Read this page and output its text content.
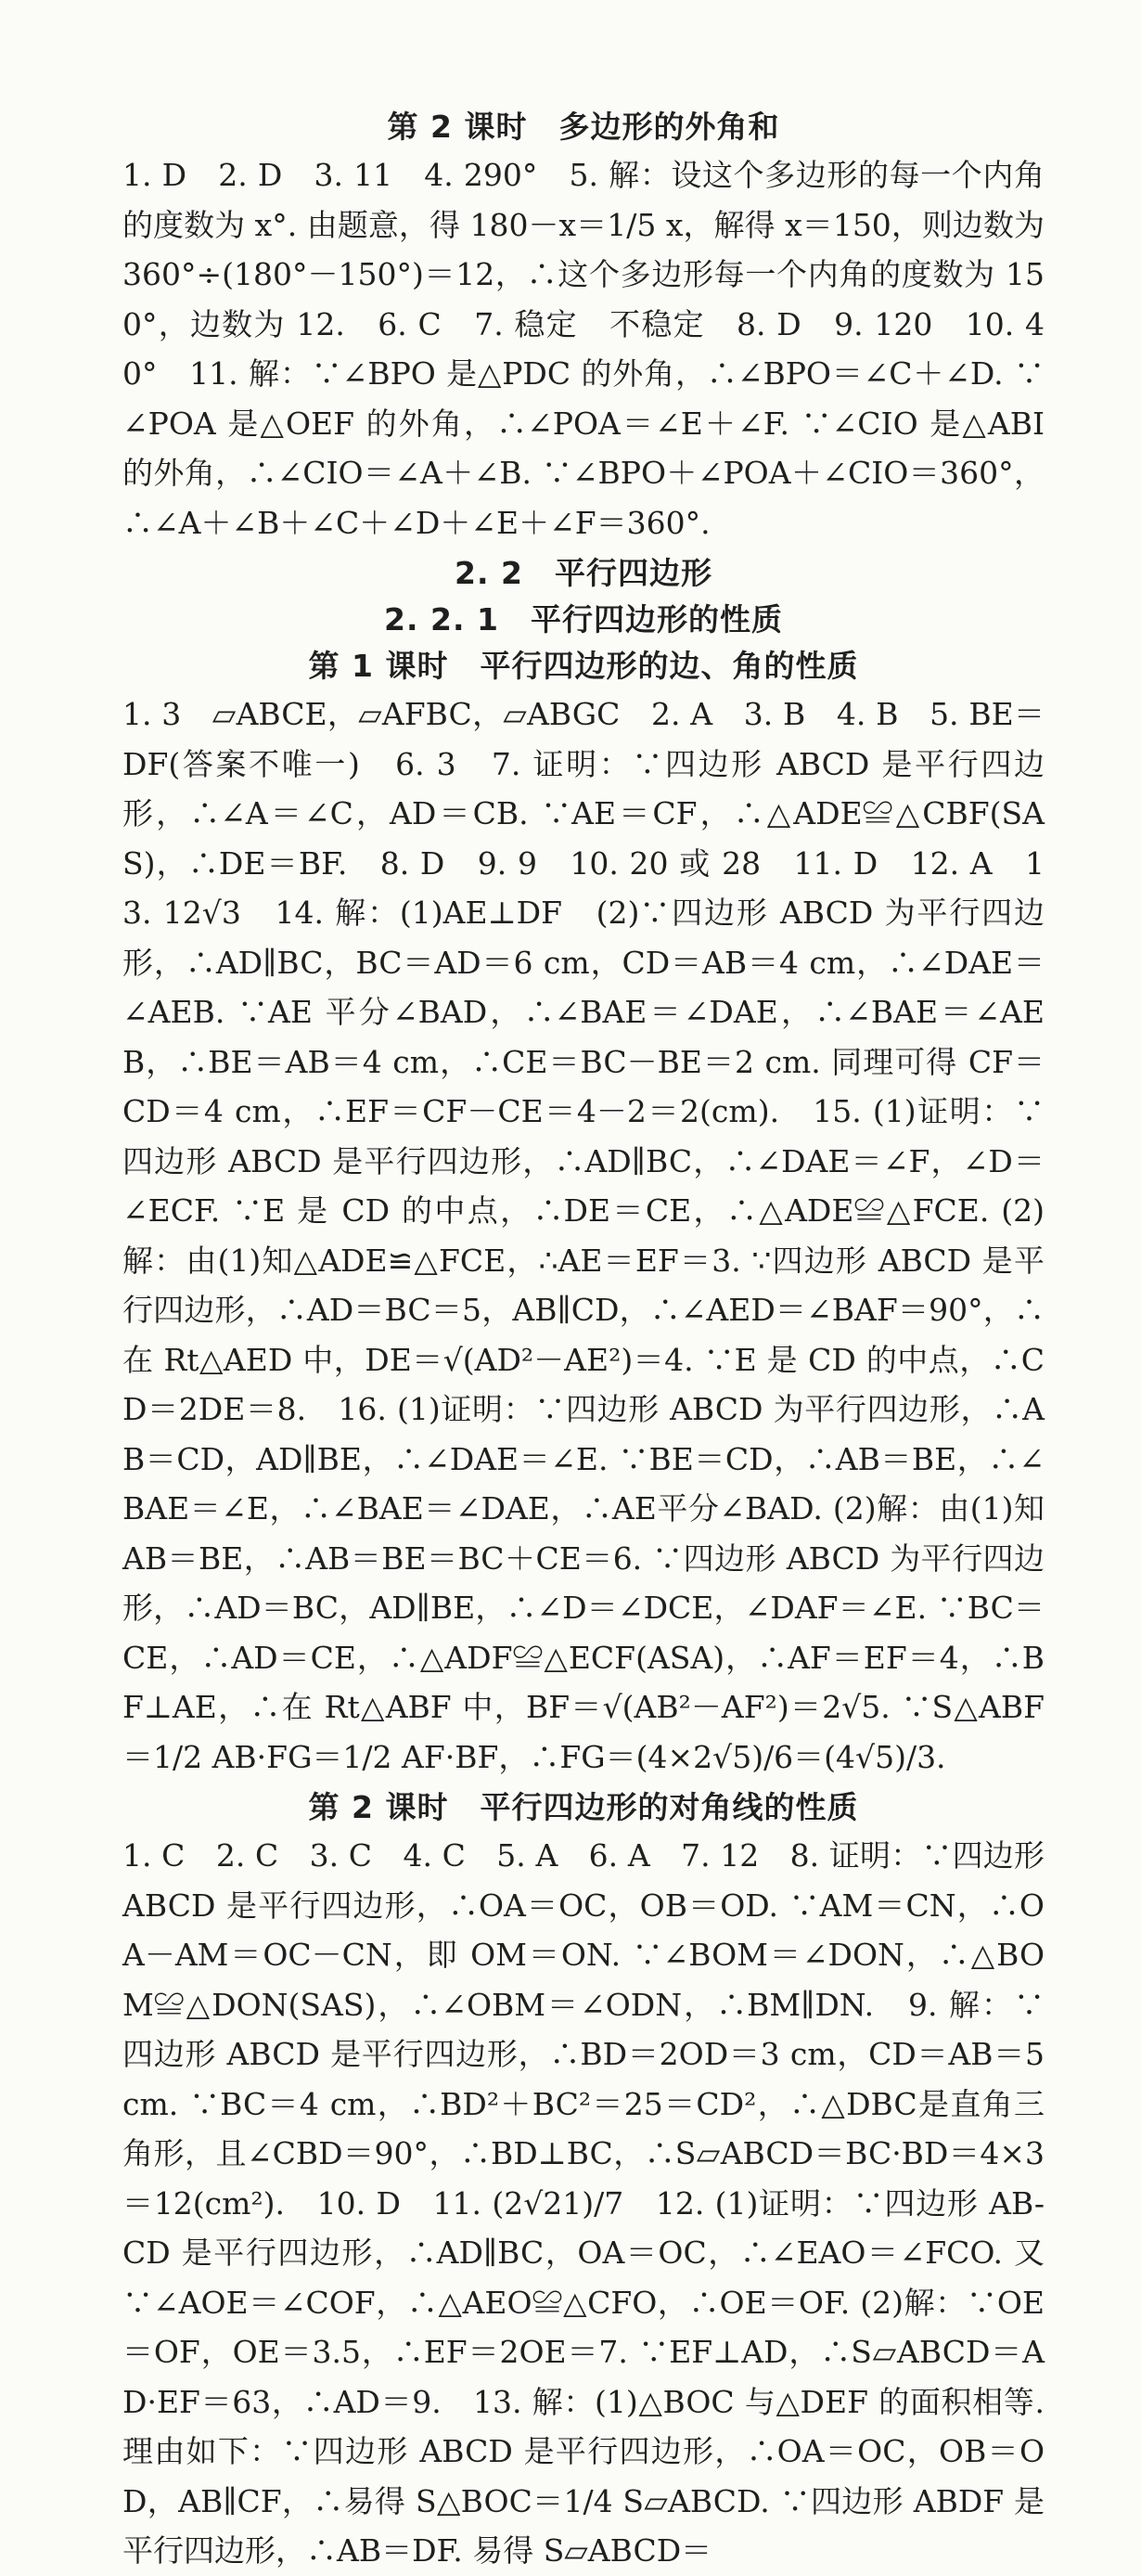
第 2 课时　多边形的外角和

1. D　2. D　3. 11　4. 290°　5. 解：设这个多边形的每一个内角的度数为 x°. 由题意，得 180－x＝1/5 x，解得 x＝150，则边数为 360°÷(180°－150°)＝12，∴这个多边形每一个内角的度数为 150°，边数为 12.　6. C　7. 稳定　不稳定　8. D　9. 120　10. 40°　11. 解：∵∠BPO 是△PDC 的外角，∴∠BPO＝∠C＋∠D. ∵∠POA 是△OEF 的外角，∴∠POA＝∠E＋∠F. ∵∠CIO 是△ABI 的外角，∴∠CIO＝∠A＋∠B. ∵∠BPO＋∠POA＋∠CIO＝360°，∴∠A＋∠B＋∠C＋∠D＋∠E＋∠F＝360°.

2. 2　平行四边形
2. 2. 1　平行四边形的性质
第 1 课时　平行四边形的边、角的性质

1. 3　▱ABCE，▱AFBC，▱ABGC　2. A　3. B　4. B　5. BE＝DF(答案不唯一)　6. 3　7. 证明：∵四边形 ABCD 是平行四边形，∴∠A＝∠C，AD＝CB. ∵AE＝CF，∴△ADE≌△CBF(SAS)，∴DE＝BF.　8. D　9. 9　10. 20 或 28　11. D　12. A　13. 12√3　14. 解：(1)AE⊥DF　(2)∵四边形 ABCD 为平行四边形，∴AD∥BC，BC＝AD＝6 cm，CD＝AB＝4 cm，∴∠DAE＝∠AEB. ∵AE 平分∠BAD，∴∠BAE＝∠DAE，∴∠BAE＝∠AEB，∴BE＝AB＝4 cm，∴CE＝BC－BE＝2 cm. 同理可得 CF＝CD＝4 cm，∴EF＝CF－CE＝4－2＝2(cm).　15. (1)证明：∵四边形 ABCD 是平行四边形，∴AD∥BC，∴∠DAE＝∠F，∠D＝∠ECF. ∵E 是 CD 的中点，∴DE＝CE，∴△ADE≌△FCE. (2)解：由(1)知△ADE≌△FCE，∴AE＝EF＝3. ∵四边形 ABCD 是平行四边形，∴AD＝BC＝5，AB∥CD，∴∠AED＝∠BAF＝90°，∴在 Rt△AED 中，DE＝√(AD²－AE²)＝4. ∵E 是 CD 的中点，∴CD＝2DE＝8.　16. (1)证明：∵四边形 ABCD 为平行四边形，∴AB＝CD，AD∥BE，∴∠DAE＝∠E. ∵BE＝CD，∴AB＝BE，∴∠BAE＝∠E，∴∠BAE＝∠DAE，∴AE平分∠BAD. (2)解：由(1)知 AB＝BE，∴AB＝BE＝BC＋CE＝6. ∵四边形 ABCD 为平行四边形，∴AD＝BC，AD∥BE，∴∠D＝∠DCE，∠DAF＝∠E. ∵BC＝CE，∴AD＝CE，∴△ADF≌△ECF(ASA)，∴AF＝EF＝4，∴BF⊥AE，∴在 Rt△ABF 中，BF＝√(AB²－AF²)＝2√5. ∵S△ABF＝1/2 AB·FG＝1/2 AF·BF，∴FG＝(4×2√5)/6＝(4√5)/3.

第 2 课时　平行四边形的对角线的性质

1. C　2. C　3. C　4. C　5. A　6. A　7. 12　8. 证明：∵四边形 ABCD 是平行四边形，∴OA＝OC，OB＝OD. ∵AM＝CN，∴OA－AM＝OC－CN，即 OM＝ON. ∵∠BOM＝∠DON，∴△BOM≌△DON(SAS)，∴∠OBM＝∠ODN，∴BM∥DN.　9. 解：∵四边形 ABCD 是平行四边形，∴BD＝2OD＝3 cm，CD＝AB＝5 cm. ∵BC＝4 cm，∴BD²＋BC²＝25＝CD²，∴△DBC是直角三角形，且∠CBD＝90°，∴BD⊥BC，∴S▱ABCD＝BC·BD＝4×3＝12(cm²).　10. D　11. (2√21)/7　12. (1)证明：∵四边形 AB-CD 是平行四边形，∴AD∥BC，OA＝OC，∴∠EAO＝∠FCO. 又∵∠AOE＝∠COF，∴△AEO≌△CFO，∴OE＝OF. (2)解：∵OE＝OF，OE＝3.5，∴EF＝2OE＝7. ∵EF⊥AD，∴S▱ABCD＝AD·EF＝63，∴AD＝9.　13. 解：(1)△BOC 与△DEF 的面积相等. 理由如下：∵四边形 ABCD 是平行四边形，∴OA＝OC，OB＝OD，AB∥CF，∴易得 S△BOC＝1/4 S▱ABCD. ∵四边形 ABDF 是平行四边形，∴AB＝DF. 易得 S▱ABCD＝
